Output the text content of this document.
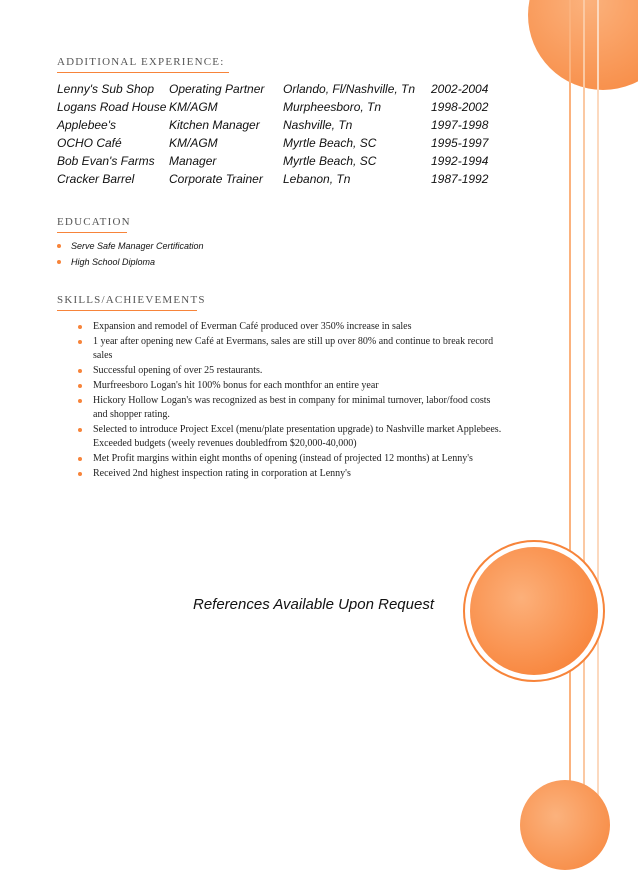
ADDITIONAL EXPERIENCE:
Lenny's Sub Shop	Operating Partner	Orlando, Fl/Nashville, Tn	2002-2004
Logans Road House	KM/AGM	Murpheesboro, Tn	1998-2002
Applebee's	Kitchen Manager	Nashville, Tn	1997-1998
OCHO Café	KM/AGM	Myrtle Beach, SC	1995-1997
Bob Evan's Farms	Manager	Myrtle Beach, SC	1992-1994
Cracker Barrel	Corporate Trainer	Lebanon, Tn	1987-1992
EDUCATION
Serve Safe Manager Certification
High School Diploma
SKILLS/ACHIEVEMENTS
Expansion and remodel of Everman Café produced over 350% increase in sales
1 year after opening new Café at Evermans, sales are still up over 80% and continue to break record sales
Successful opening of over 25 restaurants.
Murfreesboro Logan's hit 100% bonus for each monthfor an entire year
Hickory Hollow Logan's was recognized as best in company for minimal turnover, labor/food costs and shopper rating.
Selected to introduce Project Excel (menu/plate presentation upgrade) to Nashville market Applebees. Exceeded budgets (weely revenues doubledfrom $20,000-40,000)
Met Profit margins within eight months of opening (instead of projected 12 months) at Lenny's
Received 2nd highest inspection rating in corporation at Lenny's
References Available Upon Request
